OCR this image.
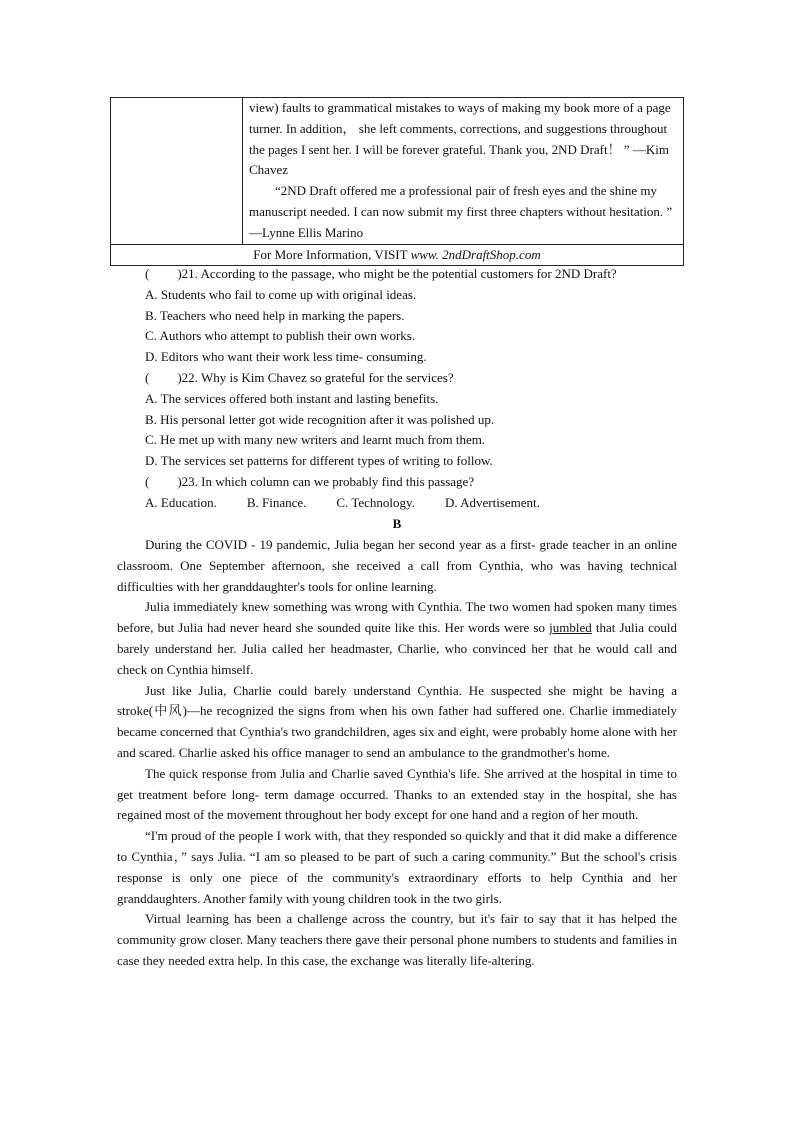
view) faults to grammatical mistakes to ways of making my book more of a page turner. In addition， she left comments, corrections, and suggestions throughout the pages I sent her. I will be forever grateful. Thank you, 2ND Draft！ ” —Kim Chavez

“2ND Draft offered me a professional pair of fresh eyes and the shine my manuscript needed. I can now submit my first three chapters without hesitation. ” —Lynne Ellis Marino

For More Information, VISIT www. 2ndDraftShop.com
( )21. According to the passage, who might be the potential customers for 2ND Draft?
A. Students who fail to come up with original ideas.
B. Teachers who need help in marking the papers.
C. Authors who attempt to publish their own works.
D. Editors who want their work less time- consuming.
( )22. Why is Kim Chavez so grateful for the services?
A. The services offered both instant and lasting benefits.
B. His personal letter got wide recognition after it was polished up.
C. He met up with many new writers and learnt much from them.
D. The services set patterns for different types of writing to follow.
( )23. In which column can we probably find this passage?
A. Education. B. Finance. C. Technology. D. Advertisement.
B

During the COVID - 19 pandemic, Julia began her second year as a first- grade teacher in an online classroom. One September afternoon, she received a call from Cynthia, who was having technical difficulties with her granddaughter's tools for online learning.

Julia immediately knew something was wrong with Cynthia. The two women had spoken many times before, but Julia had never heard she sounded quite like this. Her words were so jumbled that Julia could barely understand her. Julia called her headmaster, Charlie, who convinced her that he would call and check on Cynthia himself.

Just like Julia, Charlie could barely understand Cynthia. He suspected she might be having a stroke(中风)—he recognized the signs from when his own father had suffered one. Charlie immediately became concerned that Cynthia's two grandchildren, ages six and eight, were probably home alone with her and scared. Charlie asked his office manager to send an ambulance to the grandmother's home.

The quick response from Julia and Charlie saved Cynthia's life. She arrived at the hospital in time to get treatment before long- term damage occurred. Thanks to an extended stay in the hospital, she has regained most of the movement throughout her body except for one hand and a region of her mouth.

“I'm proud of the people I work with, that they responded so quickly and that it did make a difference to Cynthia，” says Julia. “I am so pleased to be part of such a caring community.” But the school's crisis response is only one piece of the community's extraordinary efforts to help Cynthia and her granddaughters. Another family with young children took in the two girls.

Virtual learning has been a challenge across the country, but it's fair to say that it has helped the community grow closer. Many teachers there gave their personal phone numbers to students and families in case they needed extra help. In this case, the exchange was literally life-altering.
